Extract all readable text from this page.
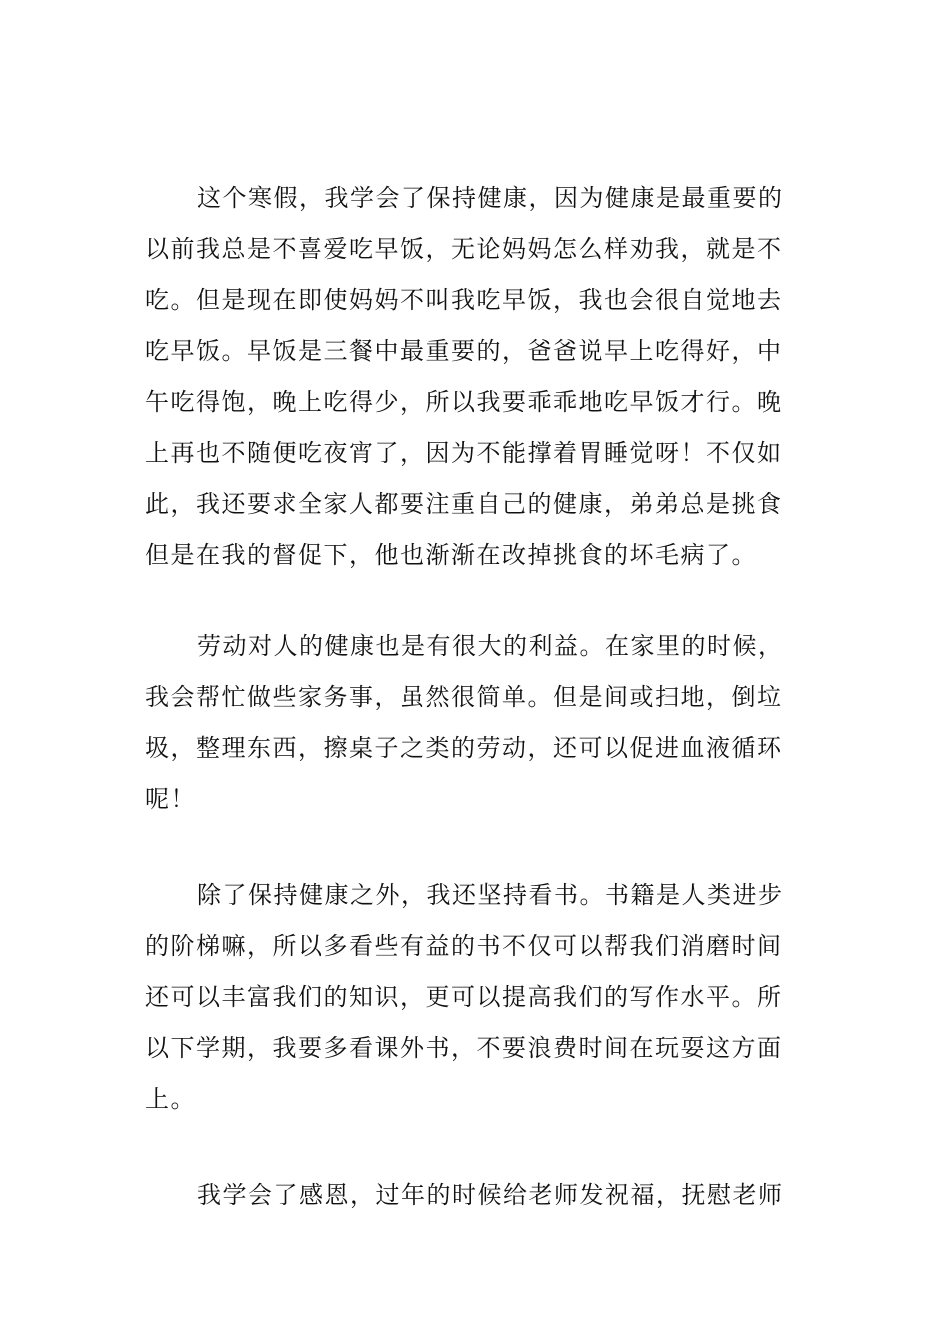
这个寒假，我学会了保持健康，因为健康是最重要的
以前我总是不喜爱吃早饭，无论妈妈怎么样劝我，就是不
吃。但是现在即使妈妈不叫我吃早饭，我也会很自觉地去
吃早饭。早饭是三餐中最重要的，爸爸说早上吃得好，中
午吃得饱，晚上吃得少，所以我要乖乖地吃早饭才行。晚
上再也不随便吃夜宵了，因为不能撑着胃睡觉呀！不仅如
此，我还要求全家人都要注重自己的健康，弟弟总是挑食
但是在我的督促下，他也渐渐在改掉挑食的坏毛病了。
劳动对人的健康也是有很大的利益。在家里的时候，
我会帮忙做些家务事，虽然很简单。但是间或扫地，倒垃
圾，整理东西，擦桌子之类的劳动，还可以促进血液循环
呢！
除了保持健康之外，我还坚持看书。书籍是人类进步
的阶梯嘛，所以多看些有益的书不仅可以帮我们消磨时间
还可以丰富我们的知识，更可以提高我们的写作水平。所
以下学期，我要多看课外书，不要浪费时间在玩耍这方面
上。
我学会了感恩，过年的时候给老师发祝福，抚慰老师
